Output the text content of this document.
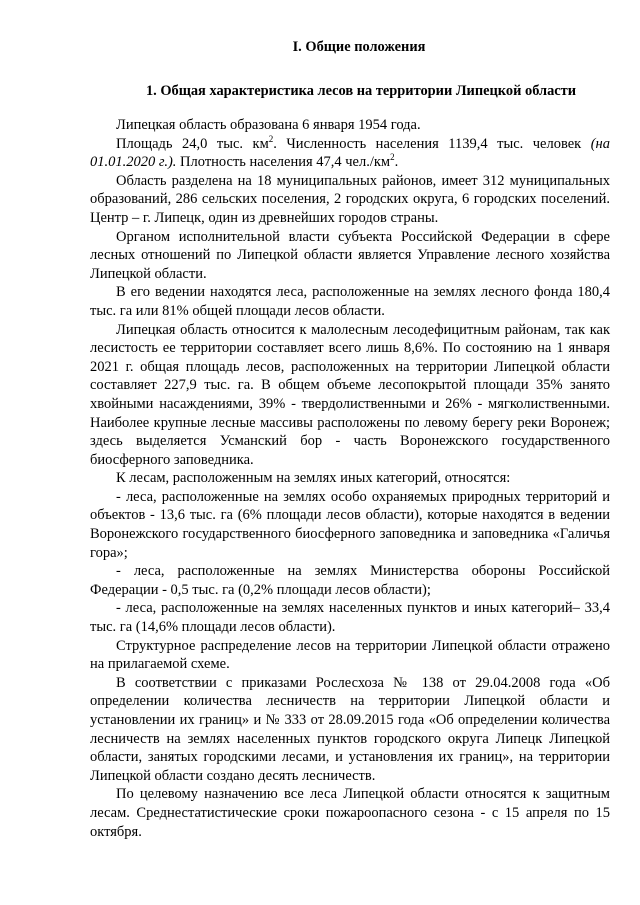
I. Общие положения
1. Общая характеристика лесов на территории Липецкой области

Липецкая область образована 6 января 1954 года.

Площадь 24,0 тыс. $км^2$. Численность населения 1139,4 тыс. человек (на 01.01.2020 г.). Плотность населения 47,4 $чел./км^2$.

Область разделена на 18 муниципальных районов, имеет 312 муниципальных образований, 286 сельских поселения, 2 городских округа, 6 городских поселений. Центр – г. Липецк, один из древнейших городов страны.

Органом исполнительной власти субъекта Российской Федерации в сфере лесных отношений по Липецкой области является Управление лесного хозяйства Липецкой области.

В его ведении находятся леса, расположенные на землях лесного фонда 180,4 тыс. га или 81% общей площади лесов области.

Липецкая область относится к малолесным лесодефицитным районам, так как лесистость ее территории составляет всего лишь 8,6%. По состоянию на 1 января 2021 г. общая площадь лесов, расположенных на территории Липецкой области составляет 227,9 тыс. га. В общем объеме лесопокрытой площади 35% занято хвойными насаждениями, 39% - твердолиственными и 26% - мягколиственными. Наиболее крупные лесные массивы расположены по левому берегу реки Воронеж; здесь выделяется Усманский бор - часть Воронежского государственного биосферного заповедника.

К лесам, расположенным на землях иных категорий, относятся:

- леса, расположенные на землях особо охраняемых природных территорий и объектов - 13,6 тыс. га (6% площади лесов области), которые находятся в ведении Воронежского государственного биосферного заповедника и заповедника «Галичья гора»;

- леса, расположенные на землях Министерства обороны Российской Федерации - 0,5 тыс. га (0,2% площади лесов области);

- леса, расположенные на землях населенных пунктов и иных категорий– 33,4 тыс. га (14,6% площади лесов области).

Структурное распределение лесов на территории Липецкой области отражено на прилагаемой схеме.

В соответствии с приказами Рослесхоза № 138 от 29.04.2008 года «Об определении количества лесничеств на территории Липецкой области и установлении их границ» и № 333 от 28.09.2015 года «Об определении количества лесничеств на землях населенных пунктов городского округа Липецк Липецкой области, занятых городскими лесами, и установления их границ», на территории Липецкой области создано десять лесничеств.

По целевому назначению все леса Липецкой области относятся к защитным лесам. Среднестатистические сроки пожароопасного сезона - с 15 апреля по 15 октября.
